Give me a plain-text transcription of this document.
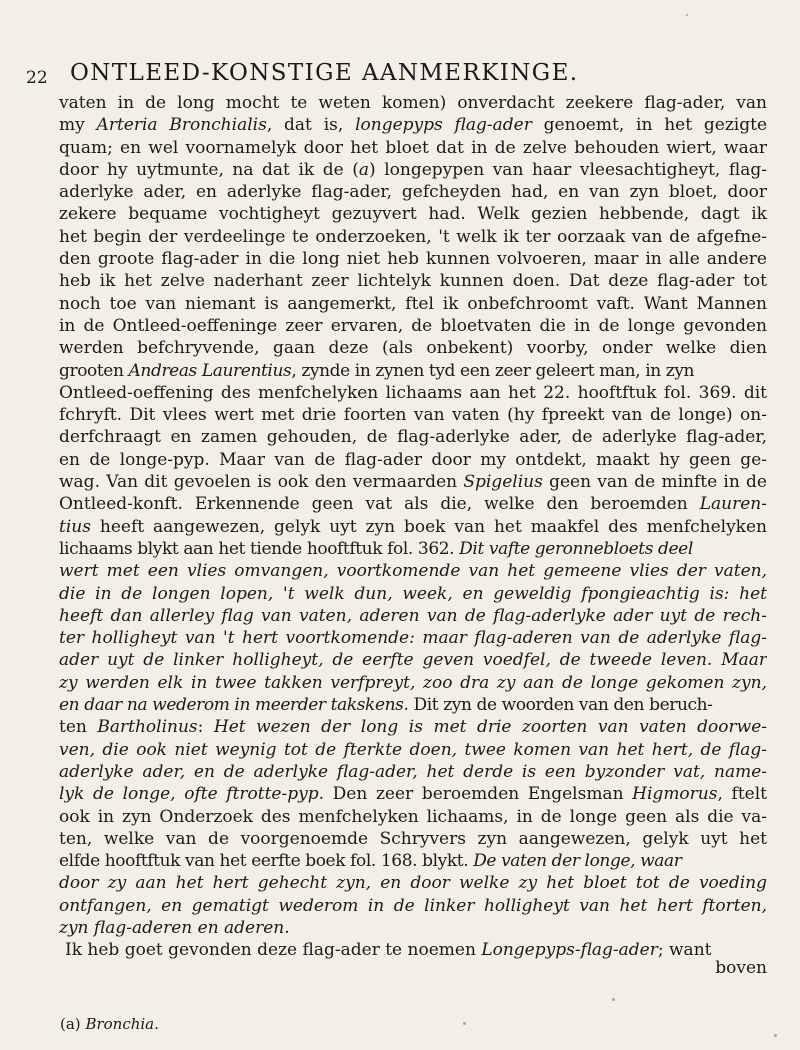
22 ONTLEED-KONSTIGE AANMERKINGE.
vaten in de long mocht te weten komen) onverdacht zeekere flag-ader, van
my Arteria Bronchialis, dat is, longepyps flag-ader genoemt, in het gezigte
quam; en wel voornamelyk door het bloet dat in de zelve behouden wiert, waar
door hy uytmunte, na dat ik de (a) longepypen van haar vleesachtigheyt, flag-
aderlyke ader, en aderlyke flag-ader, gefcheyden had, en van zyn bloet, door
zekere bequame vochtigheyt gezuyvert had. Welk gezien hebbende, dagt ik
het begin der verdeelinge te onderzoeken, 't welk ik ter oorzaak van de afgefne-
den groote flag-ader in die long niet heb kunnen volvoeren, maar in alle andere
heb ik het zelve naderhant zeer lichtelyk kunnen doen. Dat deze flag-ader tot
noch toe van niemant is aangemerkt, ftel ik onbefchroomt vaft. Want Mannen
in de Ontleed-oeffeninge zeer ervaren, de bloetvaten die in de longe gevonden
werden befchryvende, gaan deze (als onbekent) voorby, onder welke dien
grooten Andreas Laurentius, zynde in zynen tyd een zeer geleert man, in zyn
Ontleed-oeffening des menfchelyken lichaams aan het 22. hooftftuk fol. 369. dit
fchryft. Dit vlees wert met drie foorten van vaten (hy fpreekt van de longe) on-
derfchraagt en zamen gehouden, de flag-aderlyke ader, de aderlyke flag-ader,
en de longe-pyp. Maar van de flag-ader door my ontdekt, maakt hy geen ge-
wag. Van dit gevoelen is ook den vermaarden Spigelius geen van de minfte in de
Ontleed-konft. Erkennende geen vat als die, welke den beroemden Lauren-
tius heeft aangewezen, gelyk uyt zyn boek van het maakfel des menfchelyken
lichaams blykt aan het tiende hooftftuk fol. 362. Dit vafte geronnebloets deel
wert met een vlies omvangen, voortkomende van het gemeene vlies der vaten,
die in de longen lopen, 't welk dun, week, en geweldig fpongieachtig is: het
heeft dan allerley flag van vaten, aderen van de flag-aderlyke ader uyt de rech-
ter holligheyt van 't hert voortkomende: maar flag-aderen van de aderlyke flag-
ader uyt de linker holligheyt, de eerfte geven voedfel, de tweede leven. Maar
zy werden elk in twee takken verfpreyt, zoo dra zy aan de longe gekomen zyn,
en daar na wederom in meerder takskens. Dit zyn de woorden van den beruch-
ten Bartholinus: Het wezen der long is met drie zoorten van vaten doorwe-
ven, die ook niet weynig tot de fterkte doen, twee komen van het hert, de flag-
aderlyke ader, en de aderlyke flag-ader, het derde is een byzonder vat, name-
lyk de longe, ofte ftrotte-pyp. Den zeer beroemden Engelsman Higmorus, ftelt
ook in zyn Onderzoek des menfchelyken lichaams, in de longe geen als die va-
ten, welke van de voorgenoemde Schryvers zyn aangewezen, gelyk uyt het
elfde hooftftuk van het eerfte boek fol. 168. blykt. De vaten der longe, waar
door zy aan het hert gehecht zyn, en door welke zy het bloet tot de voeding
ontfangen, en gematigt wederom in de linker holligheyt van het hert ftorten,
zyn flag-aderen en aderen.
Ik heb goet gevonden deze flag-ader te noemen Longepyps-flag-ader; want
boven
(a) Bronchia.
